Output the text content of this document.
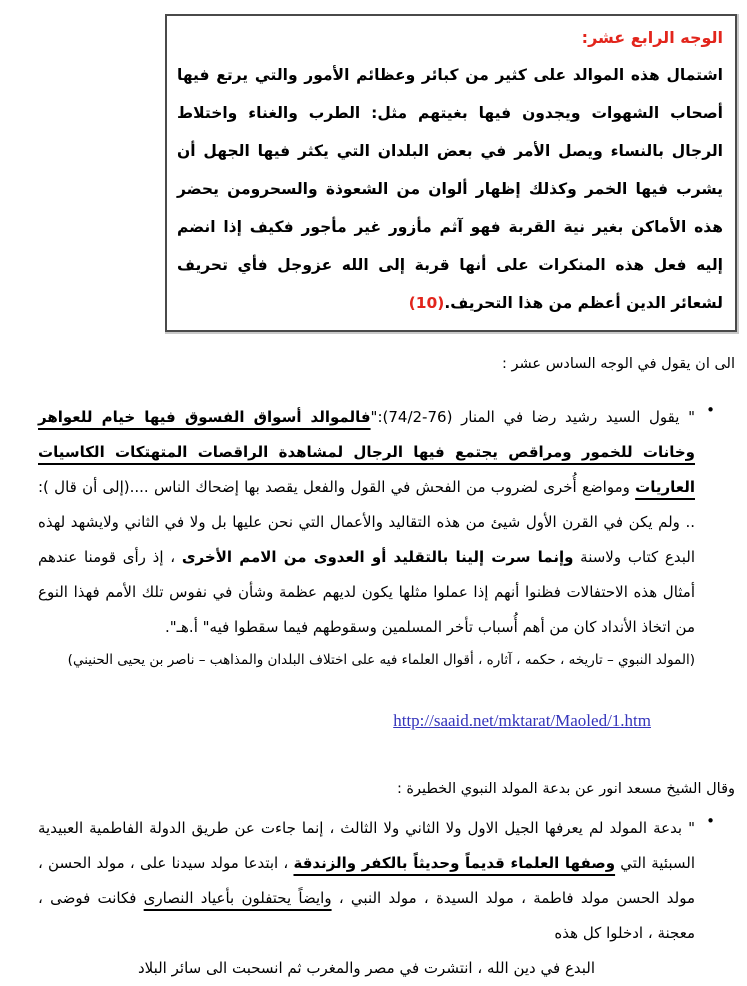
الوجه الرابع عشر:
اشتمال هذه الموالد على كثير من كبائر وعظائم الأمور والتي يرتع فيها أصحاب الشهوات ويجدون فيها بغيتهم مثل: الطرب والغناء واختلاط الرجال بالنساء ويصل الأمر في بعض البلدان التي يكثر فيها الجهل أن يشرب فيها الخمر وكذلك إظهار ألوان من الشعوذة والسحرومن يحضر هذه الأماكن بغير نية القربة فهو آثم مأزور غير مأجور فكيف إذا انضم إليه فعل هذه المنكرات على أنها قربة إلى الله عزوجل فأي تحريف لشعائر الدين أعظم من هذا التحريف.(10)
الى ان يقول في الوجه السادس عشر :
•
" يقول السيد رشيد رضا في المنار (76-74/2):"فالموالد أسواق الفسوق فيها خيام للعواهر وخانات للخمور ومراقص يجتمع فيها الرجال لمشاهدة الراقصات المتهتكات الكاسيات العاريات ومواضع أُخرى لضروب من الفحش في القول والفعل يقصد بها إضحاك الناس ....(إلى أن قال ): .. ولم يكن في القرن الأول شيئ من هذه التقاليد والأعمال التي نحن عليها بل ولا في الثاني ولايشهد لهذه البدع كتاب ولاسنة وإنما سرت إلينا بالتقليد أو العدوى من الامم الأخرى ، إذ رأى قومنا عندهم أمثال هذه الاحتفالات فظنوا أنهم إذا عملوا مثلها يكون لديهم عظمة وشأن في نفوس تلك الأمم فهذا النوع من اتخاذ الأنداد كان من أهم أُسباب تأخر المسلمين وسقوطهم فيما سقطوا فيه" أ.هـ".
(المولد النبوي – تاريخه ، حكمه ، آثاره ، أقوال العلماء فيه على اختلاف البلدان والمذاهب – ناصر بن يحيى الحنيني)
http://saaid.net/mktarat/Maoled/1.htm
وقال الشيخ مسعد انور عن بدعة المولد النبوي الخطيرة :
•
" بدعة المولد لم يعرفها الجيل الاول ولا الثاني ولا الثالث ، إنما جاءت عن طريق الدولة الفاطمية العبيدية السبئية التي وصفها العلماء قديماً وحديثاً بالكفر والزندقة ، ابتدعا مولد سيدنا على ، مولد الحسن ، مولد الحسن مولد فاطمة ، مولد السيدة ، مولد النبي ، وايضاً يحتفلون بأعياد النصارى فكانت فوضى ، معجنة ، ادخلوا كل هذه
البدع في دين الله ، انتشرت في مصر والمغرب ثم انسحبت الى سائر البلاد
